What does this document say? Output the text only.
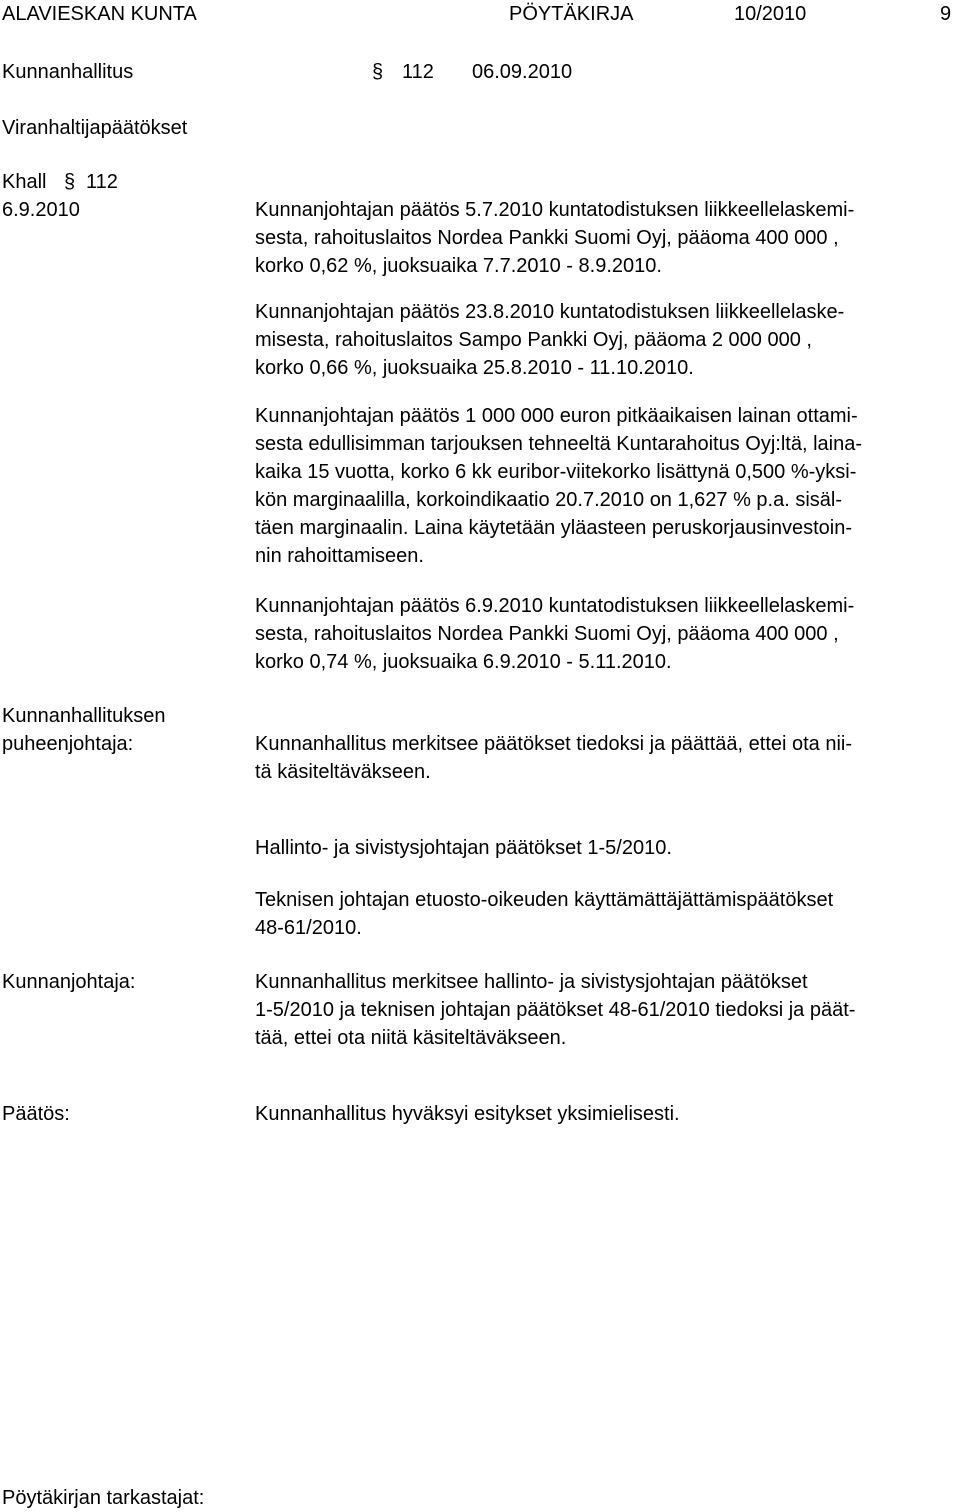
ALAVIESKAN KUNTA	PÖYTÄKIRJA	10/2010	9
Kunnanhallitus	§ 112 06.09.2010
Viranhaltijapäätökset
Khall § 112
6.9.2010	Kunnanjohtajan päätös 5.7.2010 kuntatodistuksen liikkeellelaskemi-
sesta, rahoituslaitos Nordea Pankki Suomi Oyj, pääoma 400 000 ,
korko 0,62 %, juoksuaika 7.7.2010 - 8.9.2010.
Kunnanjohtajan päätös 23.8.2010 kuntatodistuksen liikkeellelaske-
misesta, rahoituslaitos Sampo Pankki Oyj, pääoma 2 000 000 ,
korko 0,66 %, juoksuaika 25.8.2010 - 11.10.2010.
Kunnanjohtajan päätös 1 000 000 euron pitkäaikaisen lainan ottami-
sesta edullisimman tarjouksen tehneeltä Kuntarahoitus Oyj:ltä, laina-
kaika 15 vuotta, korko 6 kk euribor-viitekorko lisättynä 0,500 %-yksi-
kön marginaalilla, korkoindikaatio 20.7.2010 on 1,627 % p.a. sisäl-
täen marginaalin. Laina käytetään yläasteen peruskorjausinvestoin-
nin rahoittamiseen.
Kunnanjohtajan päätös 6.9.2010 kuntatodistuksen liikkeellelaskemi-
sesta, rahoituslaitos Nordea Pankki Suomi Oyj, pääoma 400 000 ,
korko 0,74 %, juoksuaika 6.9.2010 - 5.11.2010.
Kunnanhallituksen
puheenjohtaja:	Kunnanhallitus merkitsee päätökset tiedoksi ja päättää, ettei ota nii-
tä käsiteltäväkseen.
Hallinto- ja sivistysjohtajan päätökset 1-5/2010.
Teknisen johtajan etuosto-oikeuden käyttämättäjättämispäätökset
48-61/2010.
Kunnanjohtaja:	Kunnanhallitus merkitsee hallinto- ja sivistysjohtajan päätökset
1-5/2010 ja teknisen johtajan päätökset 48-61/2010 tiedoksi ja päät-
tää, ettei ota niitä käsiteltäväkseen.
Päätös:	Kunnanhallitus hyväksyi esitykset yksimielisesti.
Pöytäkirjan tarkastajat:
